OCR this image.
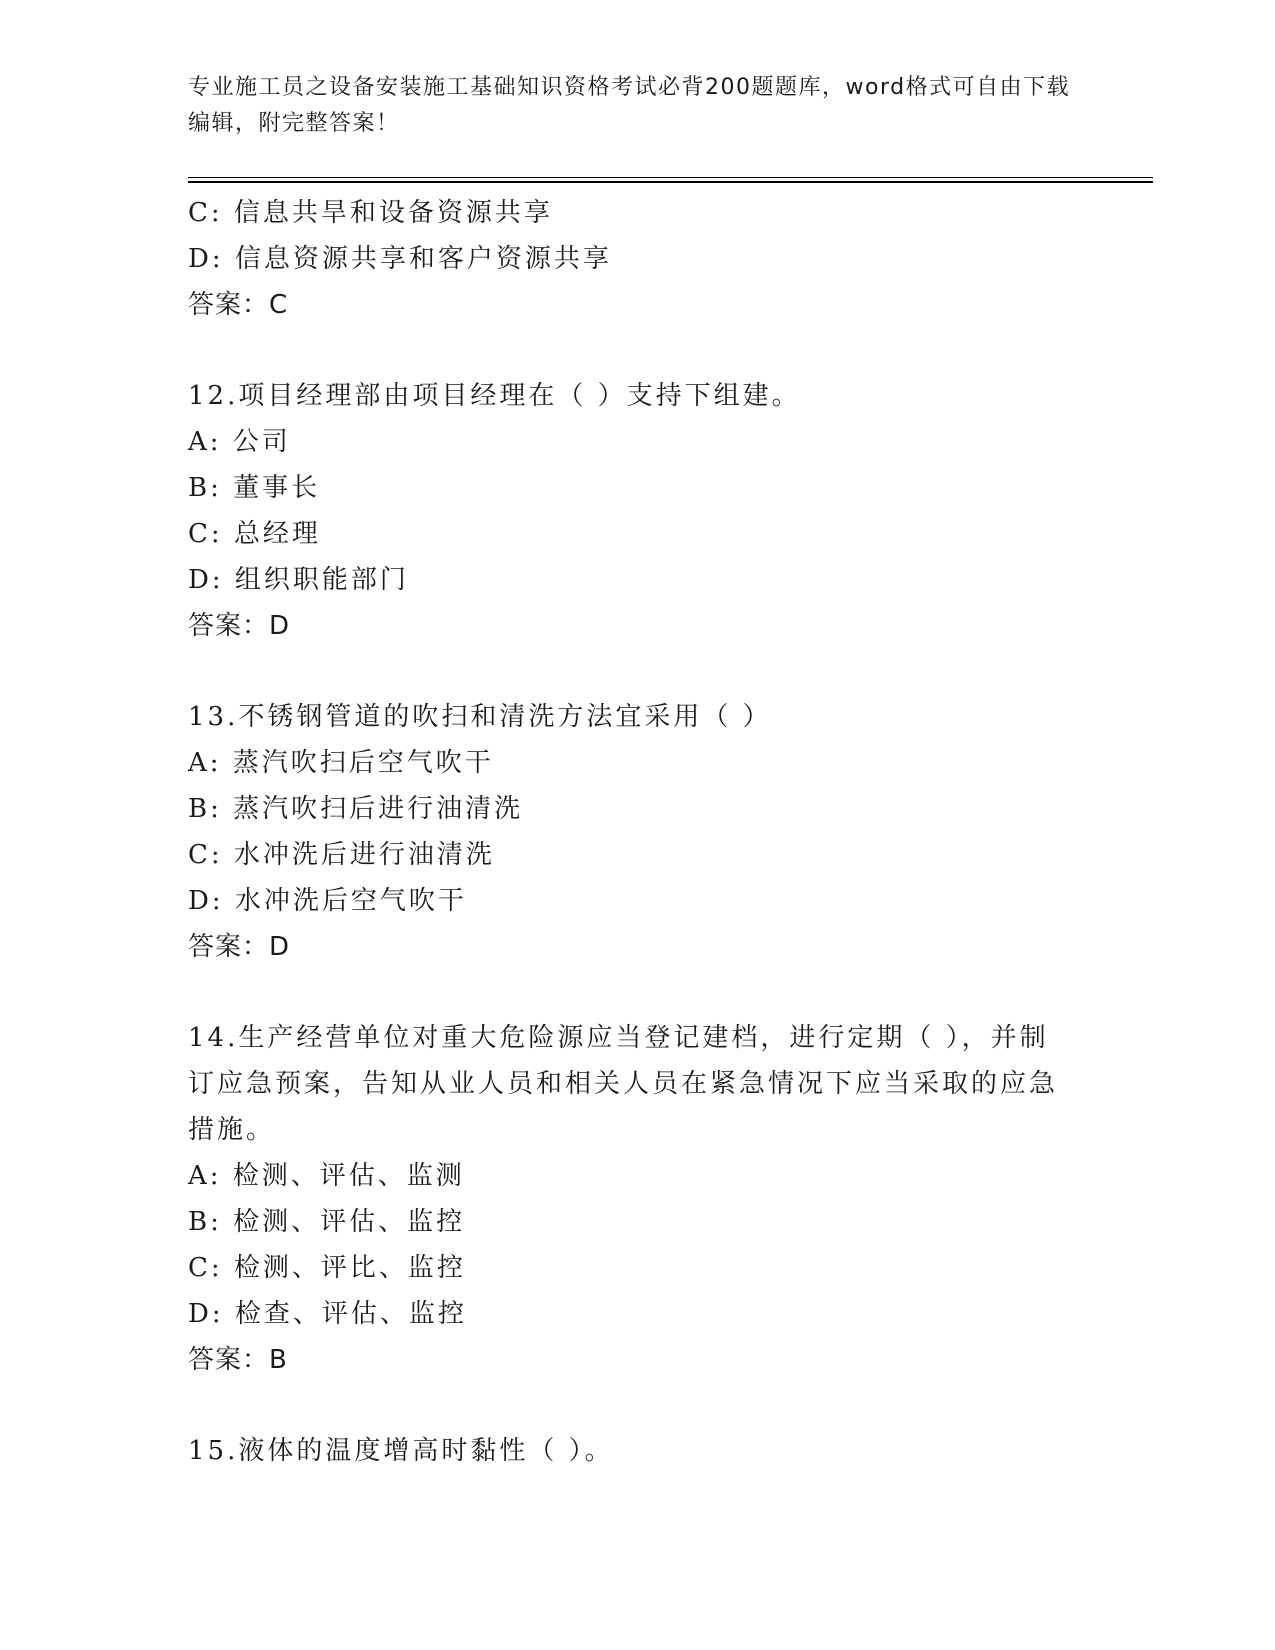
专业施工员之设备安装施工基础知识资格考试必背200题题库，word格式可自由下载编辑，附完整答案！
C: 信息共旱和设备资源共享
D: 信息资源共享和客户资源共享
答案：C
12.项目经理部由项目经理在（ ）支持下组建。
A: 公司
B: 董事长
C: 总经理
D: 组织职能部门
答案：D
13.不锈钢管道的吹扫和清洗方法宜采用（ ）
A: 蒸汽吹扫后空气吹干
B: 蒸汽吹扫后进行油清洗
C: 水冲洗后进行油清洗
D: 水冲洗后空气吹干
答案：D
14.生产经营单位对重大危险源应当登记建档，进行定期（ ），并制订应急预案，告知从业人员和相关人员在紧急情况下应当采取的应急措施。
A: 检测、评估、监测
B: 检测、评估、监控
C: 检测、评比、监控
D: 检查、评估、监控
答案：B
15.液体的温度增高时黏性（ ）。
